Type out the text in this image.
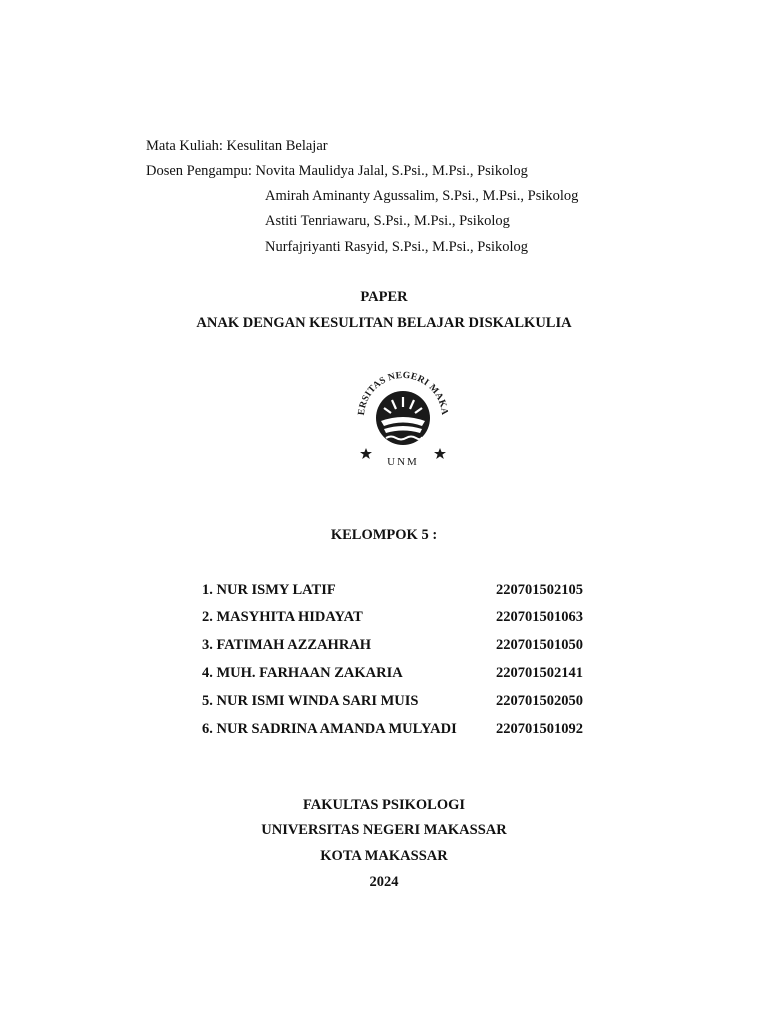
Mata Kuliah: Kesulitan Belajar
Dosen Pengampu: Novita Maulidya Jalal, S.Psi., M.Psi., Psikolog
Amirah Aminanty Agussalim, S.Psi., M.Psi., Psikolog
Astiti Tenriawaru, S.Psi., M.Psi., Psikolog
Nurfajriyanti Rasyid, S.Psi., M.Psi., Psikolog
PAPER
ANAK DENGAN KESULITAN BELAJAR DISKALKULIA
ERSITAS NEGERI MAKA
UNM
KELOMPOK 5 :
1. NUR ISMY LATIF	220701502105
2. MASYHITA HIDAYAT	220701501063
3. FATIMAH AZZAHRAH	220701501050
4. MUH. FARHAAN ZAKARIA	220701502141
5. NUR ISMI WINDA SARI MUIS	220701502050
6. NUR SADRINA AMANDA MULYADI	220701501092
FAKULTAS PSIKOLOGI
UNIVERSITAS NEGERI MAKASSAR
KOTA MAKASSAR
2024
